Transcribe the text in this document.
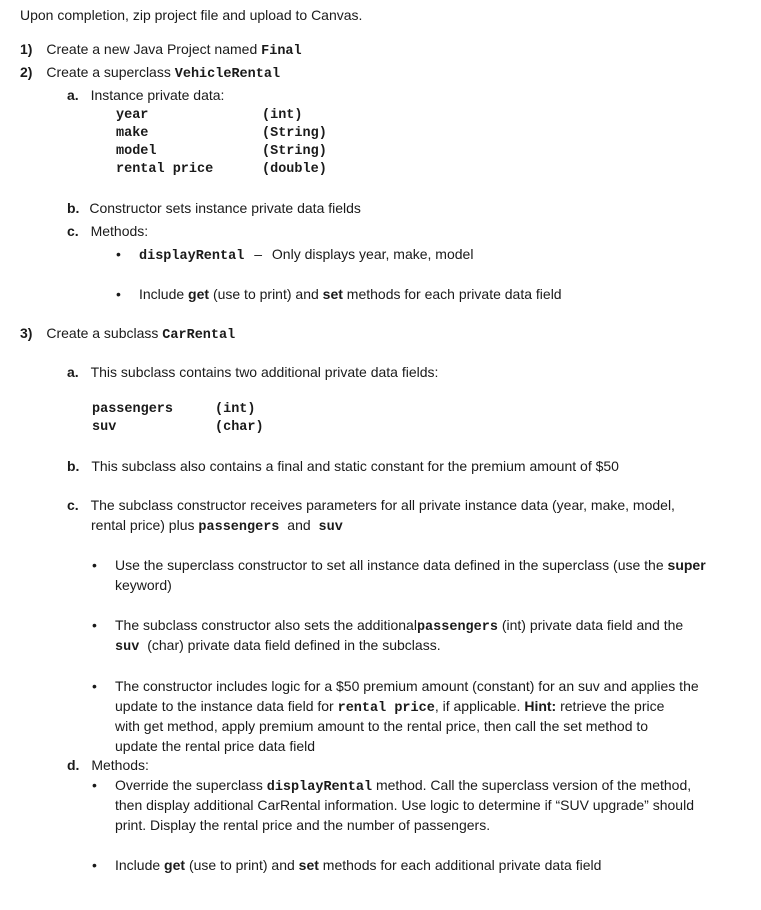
Upon completion, zip project file and upload to Canvas.
1) Create a new Java Project named Final
2) Create a superclass VehicleRental
a. Instance private data:
year	(int)
make	(String)
model	(String)
rental price	(double)
b. Constructor sets instance private data fields
c. Methods:
• displayRental – Only displays year, make, model
• Include get (use to print) and set methods for each private data field
3) Create a subclass CarRental
a. This subclass contains two additional private data fields:
passengers	(int)
suv	(char)
b. This subclass also contains a final and static constant for the premium amount of $50
c. The subclass constructor receives parameters for all private instance data (year, make, model,
rental price) plus passengers and suv
• Use the superclass constructor to set all instance data defined in the superclass (use the super
keyword)
• The subclass constructor also sets the additionalpassengers (int) private data field and the
suv (char) private data field defined in the subclass.
• The constructor includes logic for a $50 premium amount (constant) for an suv and applies the
update to the instance data field for rental price, if applicable. Hint: retrieve the price
with get method, apply premium amount to the rental price, then call the set method to
update the rental price data field
d. Methods:
• Override the superclass displayRental method. Call the superclass version of the method,
then display additional CarRental information. Use logic to determine if “SUV upgrade” should
print. Display the rental price and the number of passengers.
• Include get (use to print) and set methods for each additional private data field
